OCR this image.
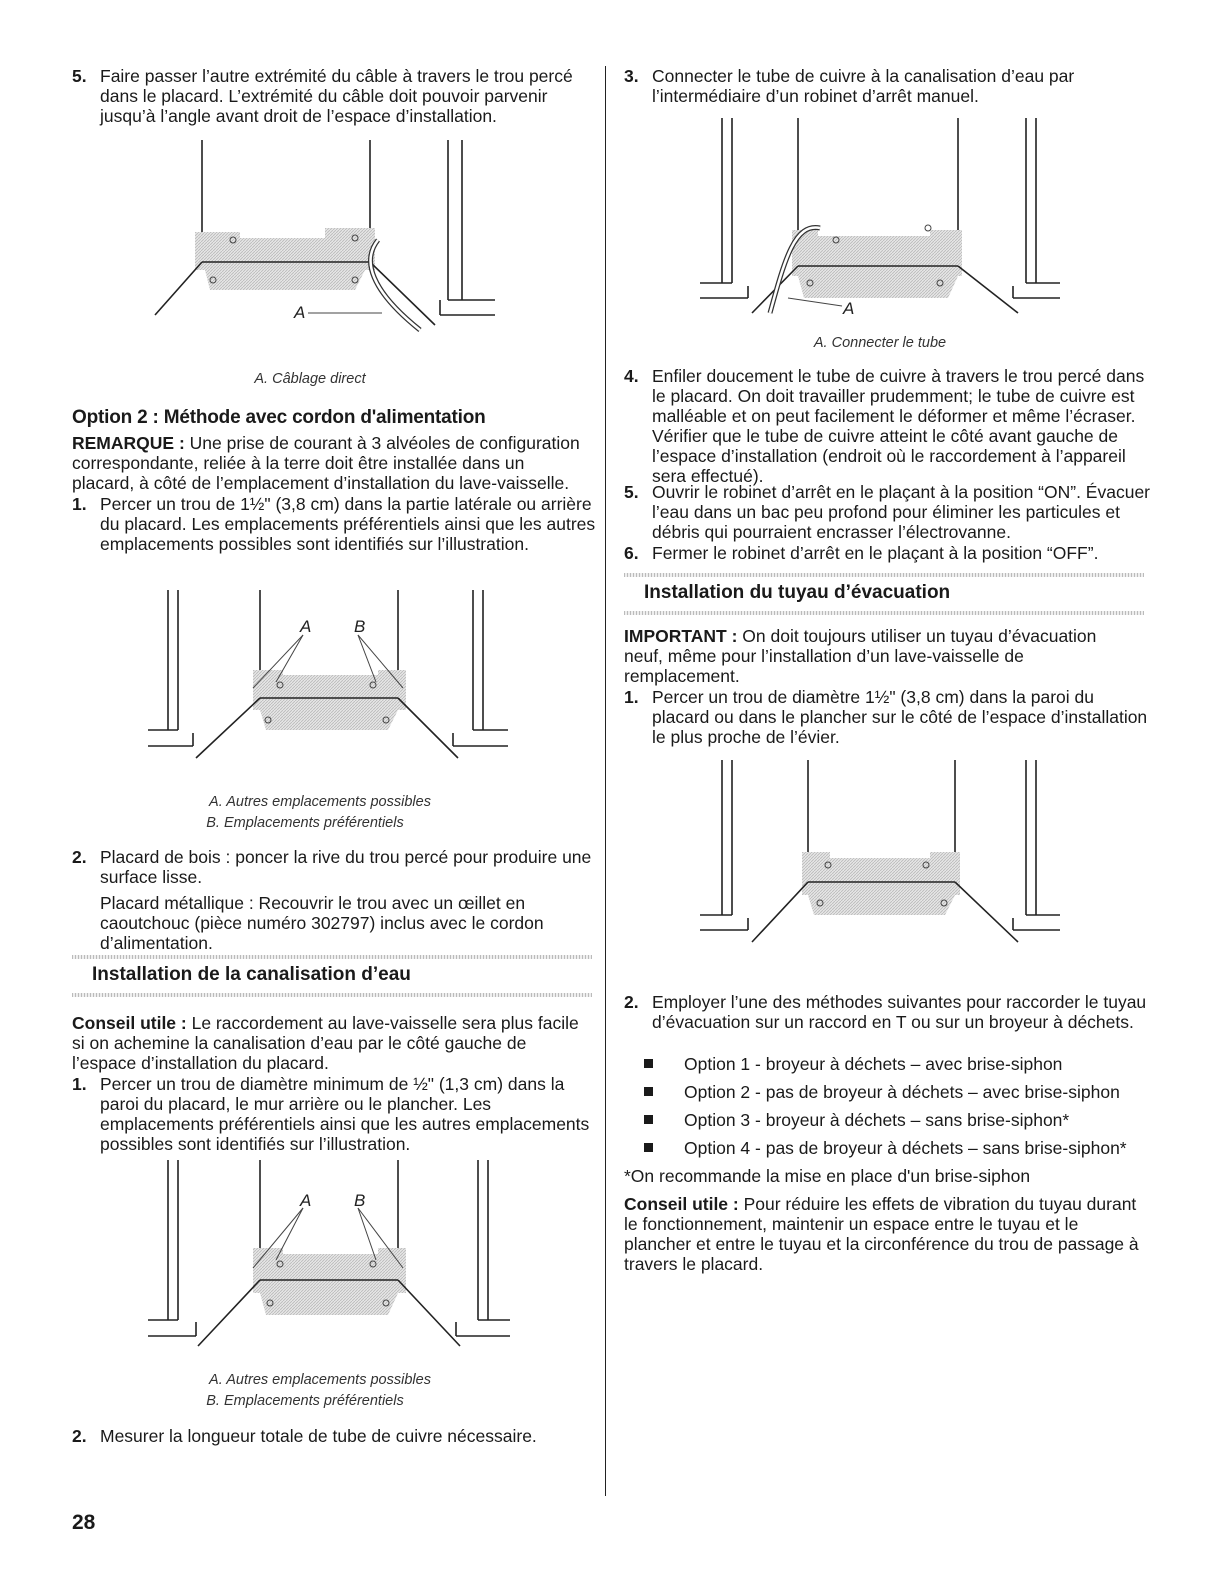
5. Faire passer l’autre extrémité du câble à travers le trou percé dans le placard. L’extrémité du câble doit pouvoir parvenir jusqu’à l’angle avant droit de l’espace d’installation.

A
A. Câblage direct
Option 2 : Méthode avec cordon d'alimentation

REMARQUE : Une prise de courant à 3 alvéoles de configuration correspondante, reliée à la terre doit être installée dans un placard, à côté de l’emplacement d’installation du lave-vaisselle.

1. Percer un trou de 1½" (3,8 cm) dans la partie latérale ou arrière du placard. Les emplacements préférentiels ainsi que les autres emplacements possibles sont identifiés sur l’illustration.

A	B
A. Autres emplacements possibles
B. Emplacements préférentiels
2. Placard de bois : poncer la rive du trou percé pour produire une surface lisse.

Placard métallique : Recouvrir le trou avec un œillet en caoutchouc (pièce numéro 302797) inclus avec le cordon d’alimentation.

Installation de la canalisation d’eau

Conseil utile : Le raccordement au lave-vaisselle sera plus facile si on achemine la canalisation d’eau par le côté gauche de l’espace d’installation du placard.

1. Percer un trou de diamètre minimum de ½" (1,3 cm) dans la paroi du placard, le mur arrière ou le plancher. Les emplacements préférentiels ainsi que les autres emplacements possibles sont identifiés sur l’illustration.

A	B
A. Autres emplacements possibles
B. Emplacements préférentiels
2. Mesurer la longueur totale de tube de cuivre nécessaire.

3. Connecter le tube de cuivre à la canalisation d’eau par l’intermédiaire d’un robinet d’arrêt manuel.

A
A. Connecter le tube
4. Enfiler doucement le tube de cuivre à travers le trou percé dans le placard. On doit travailler prudemment; le tube de cuivre est malléable et on peut facilement le déformer et même l’écraser. Vérifier que le tube de cuivre atteint le côté avant gauche de l’espace d’installation (endroit où le raccordement à l’appareil sera effectué).

5. Ouvrir le robinet d’arrêt en le plaçant à la position “ON”. Évacuer l’eau dans un bac peu profond pour éliminer les particules et débris qui pourraient encrasser l’électrovanne.

6. Fermer le robinet d’arrêt en le plaçant à la position “OFF”.

Installation du tuyau d’évacuation

IMPORTANT : On doit toujours utiliser un tuyau d’évacuation neuf, même pour l’installation d’un lave-vaisselle de remplacement.

1. Percer un trou de diamètre 1½" (3,8 cm) dans la paroi du placard ou dans le plancher sur le côté de l’espace d’installation le plus proche de l’évier.

2. Employer l’une des méthodes suivantes pour raccorder le tuyau d’évacuation sur un raccord en T ou sur un broyeur à déchets.

Option 1 - broyeur à déchets – avec brise-siphon
Option 2 - pas de broyeur à déchets – avec brise-siphon
Option 3 - broyeur à déchets – sans brise-siphon*
Option 4 - pas de broyeur à déchets – sans brise-siphon*

*On recommande la mise en place d'un brise-siphon

Conseil utile : Pour réduire les effets de vibration du tuyau durant le fonctionnement, maintenir un espace entre le tuyau et le plancher et entre le tuyau et la circonférence du trou de passage à travers le placard.

28
